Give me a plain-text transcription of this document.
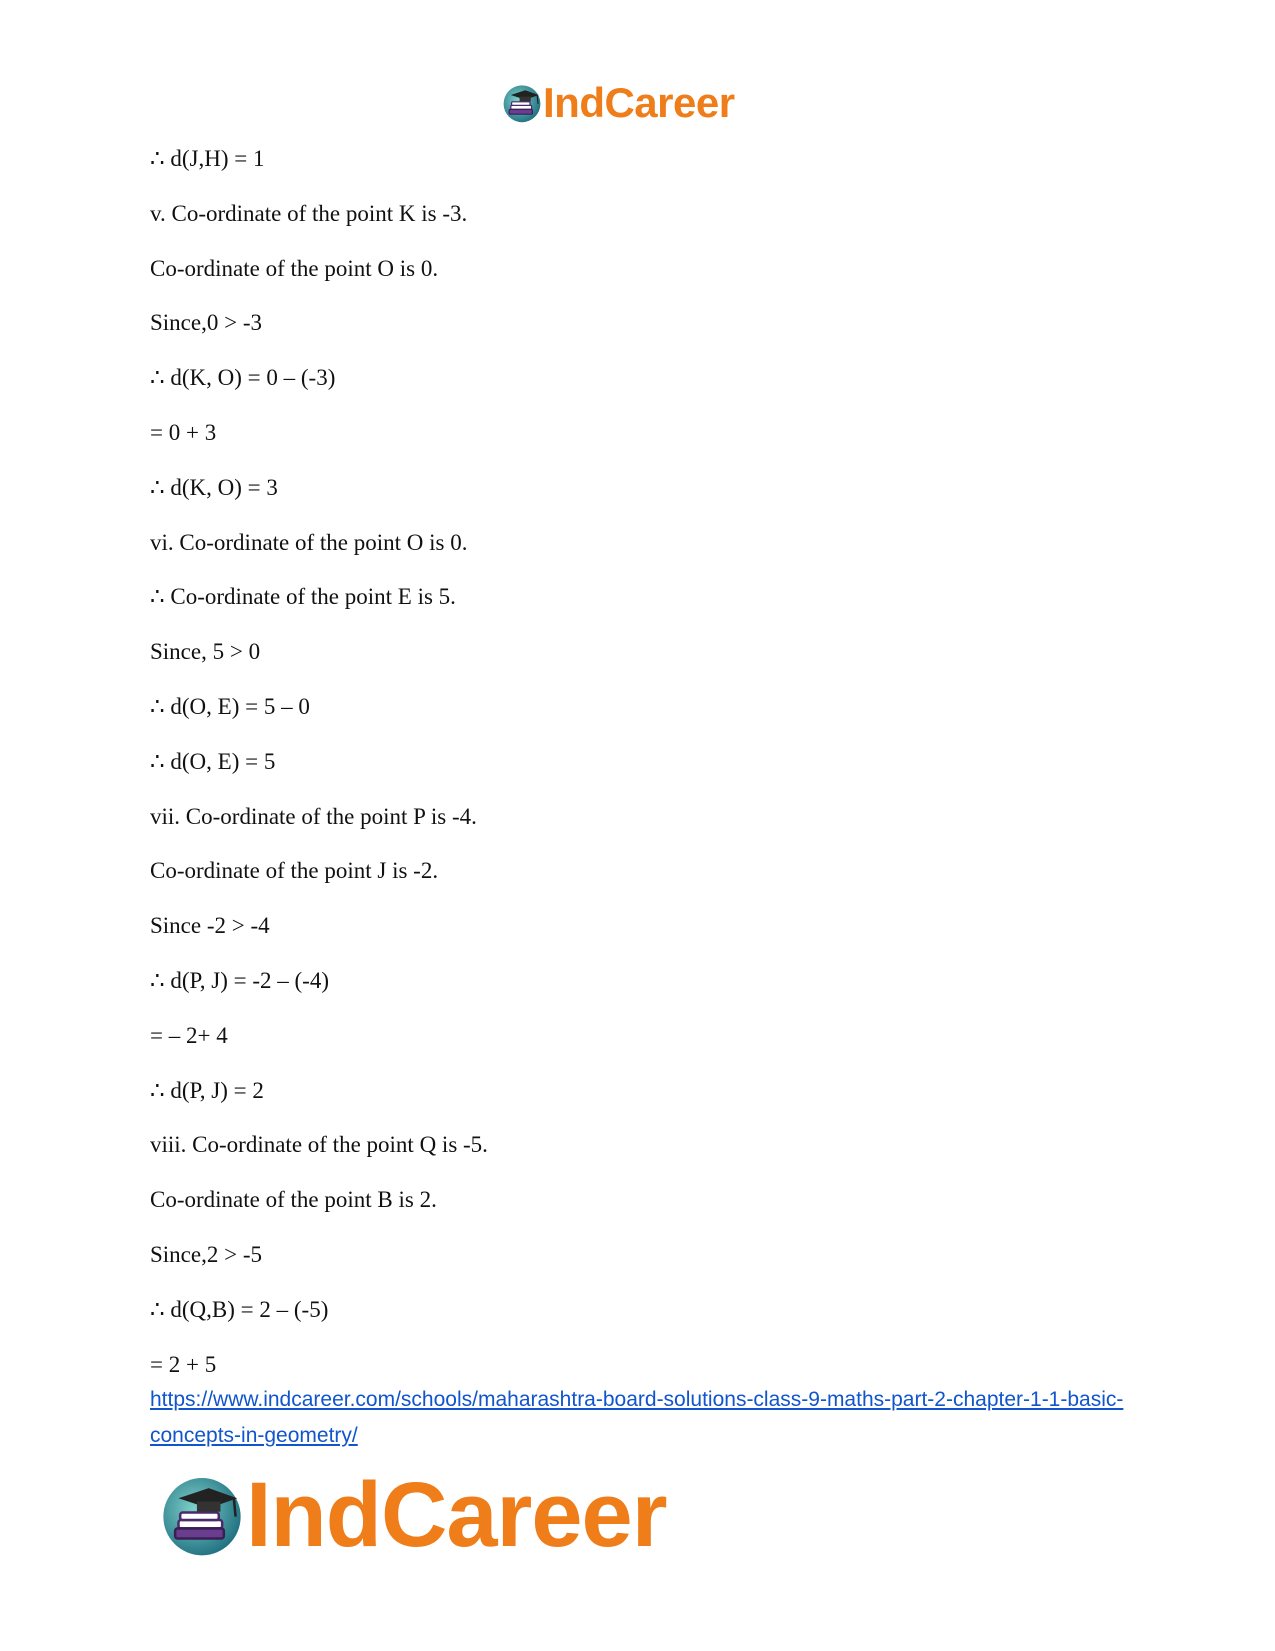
IndCareer
∴ d(J,H) = 1
v. Co-ordinate of the point K is -3.
Co-ordinate of the point O is 0.
Since,0 > -3
∴ d(K, O) = 0 – (-3)
= 0 + 3
∴ d(K, O) = 3
vi. Co-ordinate of the point O is 0.
∴ Co-ordinate of the point E is 5.
Since, 5 > 0
∴ d(O, E) = 5 – 0
∴ d(O, E) = 5
vii. Co-ordinate of the point P is -4.
Co-ordinate of the point J is -2.
Since -2 > -4
∴ d(P, J) = -2 – (-4)
= – 2+ 4
∴ d(P, J) = 2
viii. Co-ordinate of the point Q is -5.
Co-ordinate of the point B is 2.
Since,2 > -5
∴ d(Q,B) = 2 – (-5)
= 2 + 5
https://www.indcareer.com/schools/maharashtra-board-solutions-class-9-maths-part-2-chapter-1-1-basic-concepts-in-geometry/
IndCareer
